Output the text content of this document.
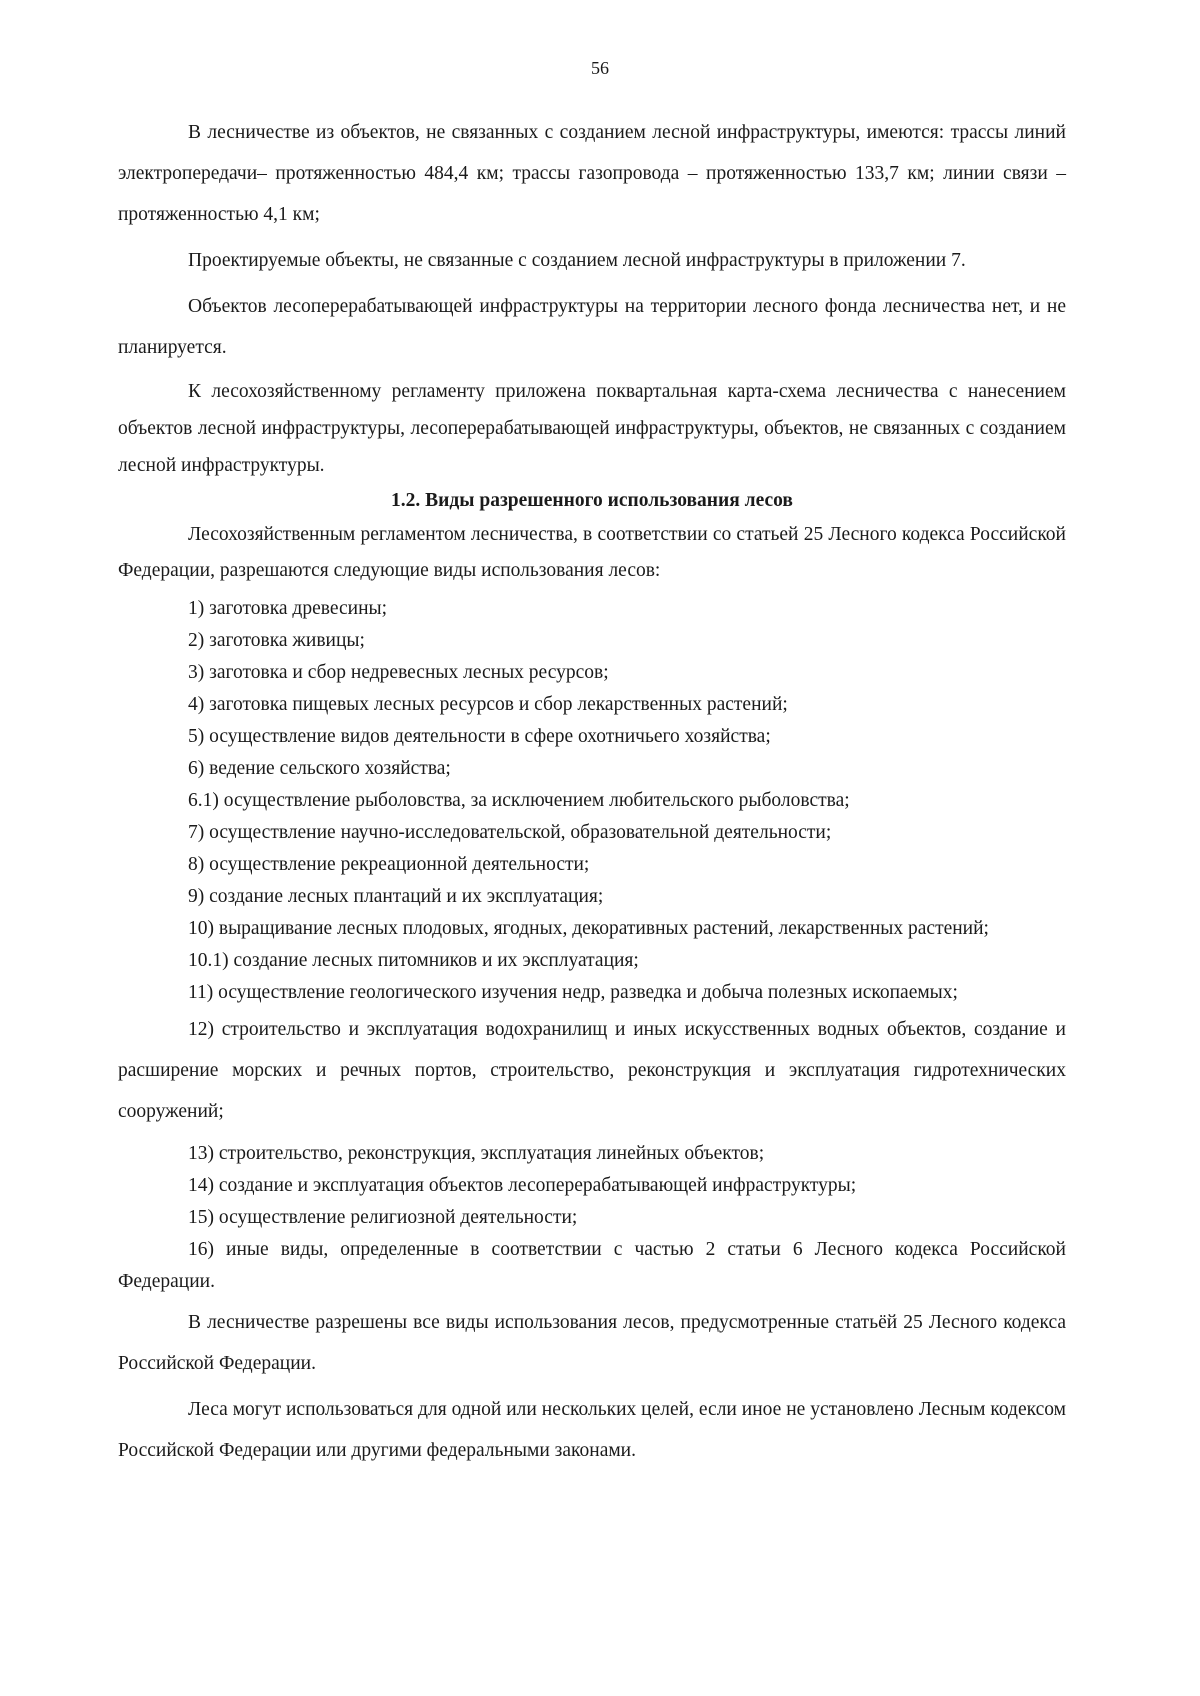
56

В лесничестве из объектов, не связанных с созданием лесной инфраструктуры, имеются: трассы линий электропередачи– протяженностью 484,4 км; трассы газопровода – протяженностью 133,7 км; линии связи – протяженностью 4,1 км;

Проектируемые объекты, не связанные с созданием лесной инфраструктуры в приложении 7.

Объектов лесоперерабатывающей инфраструктуры на территории лесного фонда лесничества нет, и не планируется.

К лесохозяйственному регламенту приложена поквартальная карта-схема лесничества с нанесением объектов лесной инфраструктуры, лесоперерабатывающей инфраструктуры, объектов, не связанных с созданием лесной инфраструктуры.

1.2. Виды разрешенного использования лесов

Лесохозяйственным регламентом лесничества, в соответствии со статьей 25 Лесного кодекса Российской Федерации, разрешаются следующие виды использования лесов:

1) заготовка древесины;

2) заготовка живицы;

3) заготовка и сбор недревесных лесных ресурсов;

4) заготовка пищевых лесных ресурсов и сбор лекарственных растений;

5) осуществление видов деятельности в сфере охотничьего хозяйства;

6) ведение сельского хозяйства;

6.1) осуществление рыболовства, за исключением любительского рыболовства;

7) осуществление научно-исследовательской, образовательной деятельности;

8) осуществление рекреационной деятельности;

9) создание лесных плантаций и их эксплуатация;

10) выращивание лесных плодовых, ягодных, декоративных растений, лекарственных растений;

10.1) создание лесных питомников и их эксплуатация;

11) осуществление геологического изучения недр, разведка и добыча полезных ископаемых;

12) строительство и эксплуатация водохранилищ и иных искусственных водных объектов, создание и расширение морских и речных портов, строительство, реконструкция и эксплуатация гидротехнических сооружений;

13) строительство, реконструкция, эксплуатация линейных объектов;

14) создание и эксплуатация объектов лесоперерабатывающей инфраструктуры;

15) осуществление религиозной деятельности;

16) иные виды, определенные в соответствии с частью 2 статьи 6 Лесного кодекса Российской Федерации.

В лесничестве разрешены все виды использования лесов, предусмотренные статьёй 25 Лесного кодекса Российской Федерации.

Леса могут использоваться для одной или нескольких целей, если иное не установлено Лесным кодексом Российской Федерации или другими федеральными законами.
